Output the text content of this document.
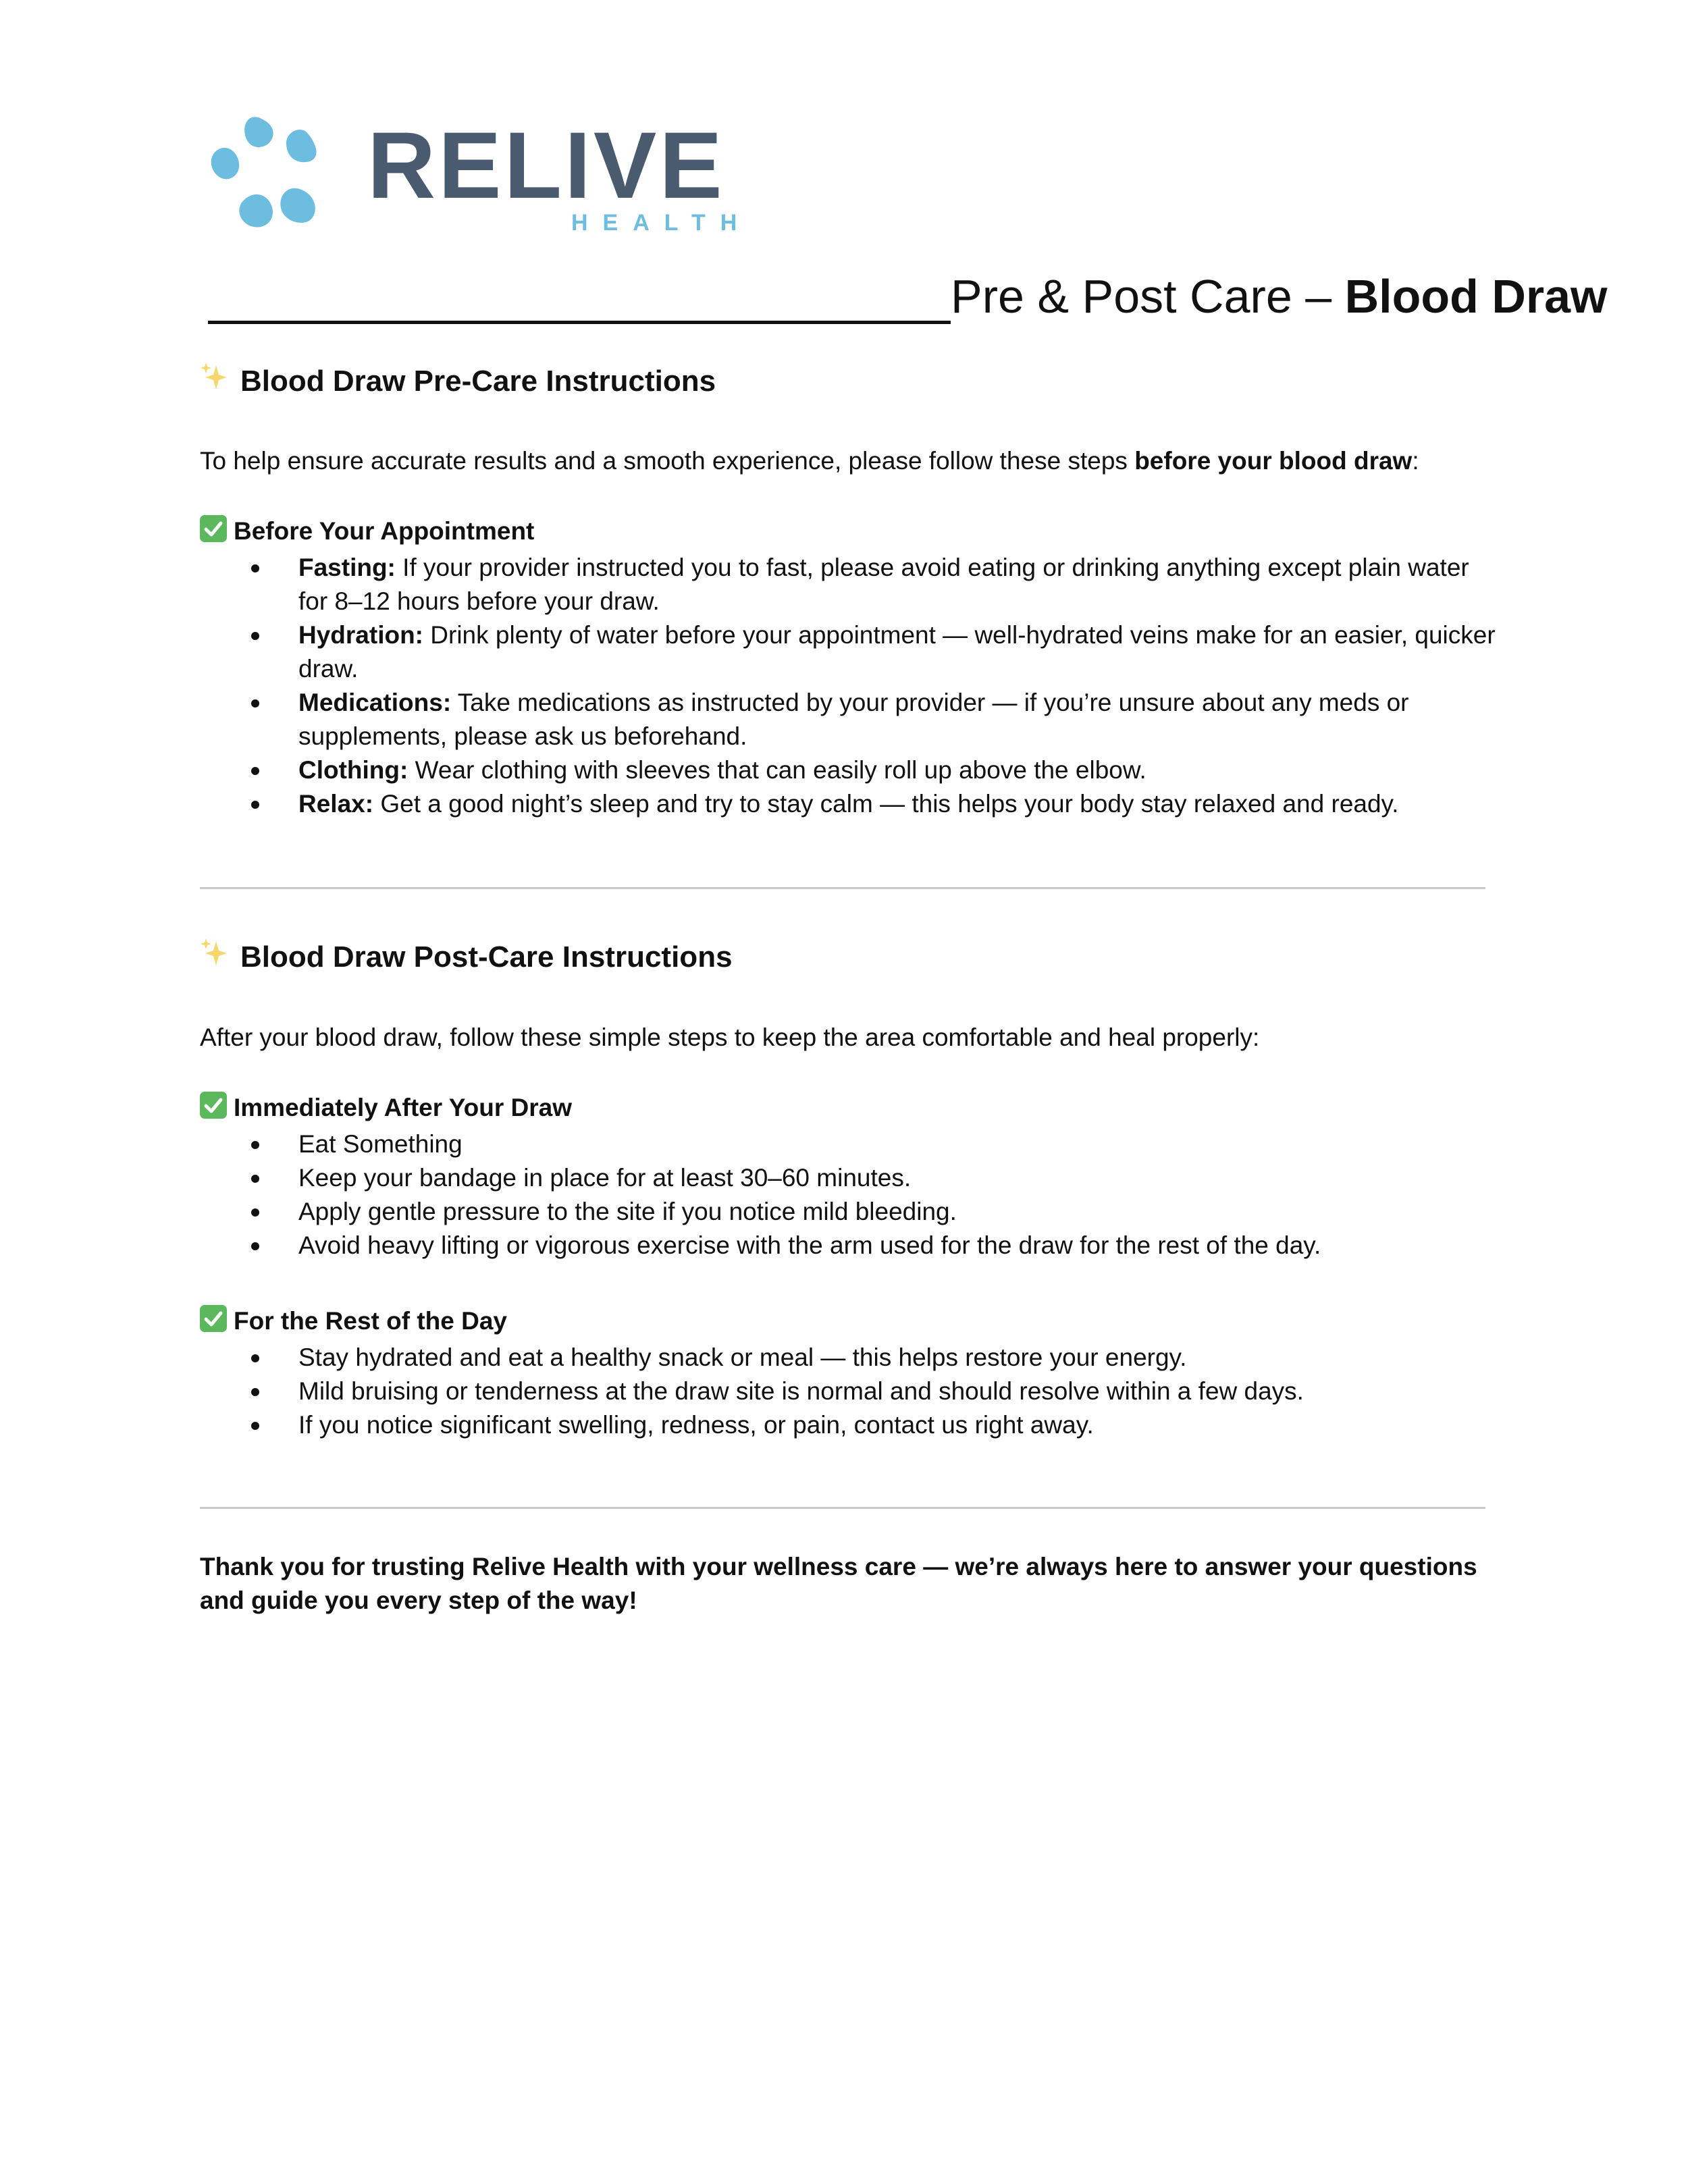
RELIVE
HEALTH
Pre & Post Care – Blood Draw
Blood Draw Pre-Care Instructions
To help ensure accurate results and a smooth experience, please follow these steps before your blood draw:
Before Your Appointment
Fasting: If your provider instructed you to fast, please avoid eating or drinking anything except plain water for 8–12 hours before your draw.
Hydration: Drink plenty of water before your appointment — well-hydrated veins make for an easier, quicker draw.
Medications: Take medications as instructed by your provider — if you’re unsure about any meds or supplements, please ask us beforehand.
Clothing: Wear clothing with sleeves that can easily roll up above the elbow.
Relax: Get a good night’s sleep and try to stay calm — this helps your body stay relaxed and ready.
Blood Draw Post-Care Instructions
After your blood draw, follow these simple steps to keep the area comfortable and heal properly:
Immediately After Your Draw
Eat Something
Keep your bandage in place for at least 30–60 minutes.
Apply gentle pressure to the site if you notice mild bleeding.
Avoid heavy lifting or vigorous exercise with the arm used for the draw for the rest of the day.
For the Rest of the Day
Stay hydrated and eat a healthy snack or meal — this helps restore your energy.
Mild bruising or tenderness at the draw site is normal and should resolve within a few days.
If you notice significant swelling, redness, or pain, contact us right away.
Thank you for trusting Relive Health with your wellness care — we’re always here to answer your questions and guide you every step of the way!
